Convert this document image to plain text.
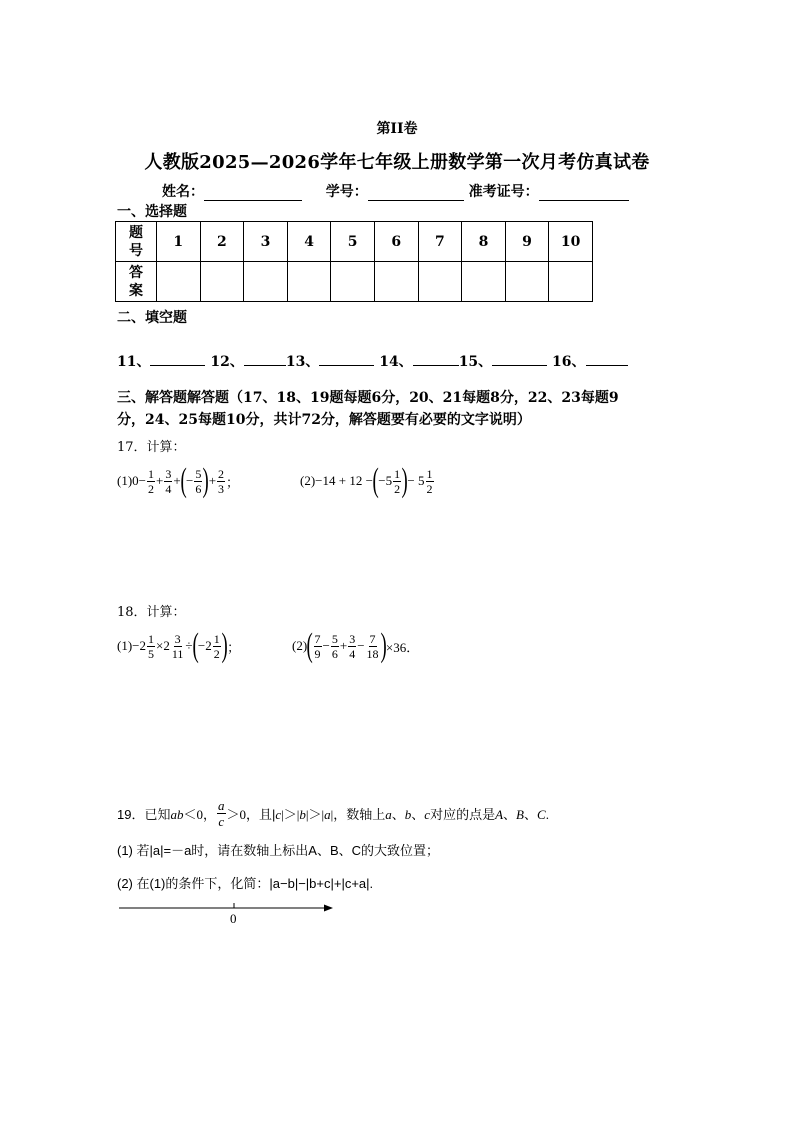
第II卷
人教版2025—2026学年七年级上册数学第一次月考仿真试卷
姓名：	学号：	准考证号：
一、选择题
题
号	1	2	3	4	5	6	7	8	9	10

答
案										

二、填空题
11、	12、	13、	14、	15、	16、
三、解答题解答题（17、18、19题每题6分，20、21每题8分，22、23每题9
分，24、25每题10分，共计72分，解答题要有必要的文字说明）
17．计算：
$(1)0 - \frac{1}{2} + \frac{3}{4}$ + ( − $\frac{5}{6}$ ) + $\frac{2}{3}$ ；	(2) −14 + 12 − ( $-5 \frac{1}{2}$ ) − $5 \frac{1}{2}$
18．计算：
$(1) -2 \frac{1}{5} \times 2 \frac{3}{11}$ ÷ ( $-2 \frac{1}{2}$ ) ；	(2) ( $\frac{7}{9} - \frac{5}{6} + \frac{3}{4} - \frac{7}{18}$ ) ×36．
19．已知 ab＜0 ， $\frac{a}{c} >0$ ，且| c|＞|b|＞|a| ，数轴上 a、b、c 对应的点是 A、B、C.
(1) 若|a|=－a时，请在数轴上标出A、B、C的大致位置；
(2) 在(1)的条件下，化简：|a−b|−|b+c|+|c+a|.
0
